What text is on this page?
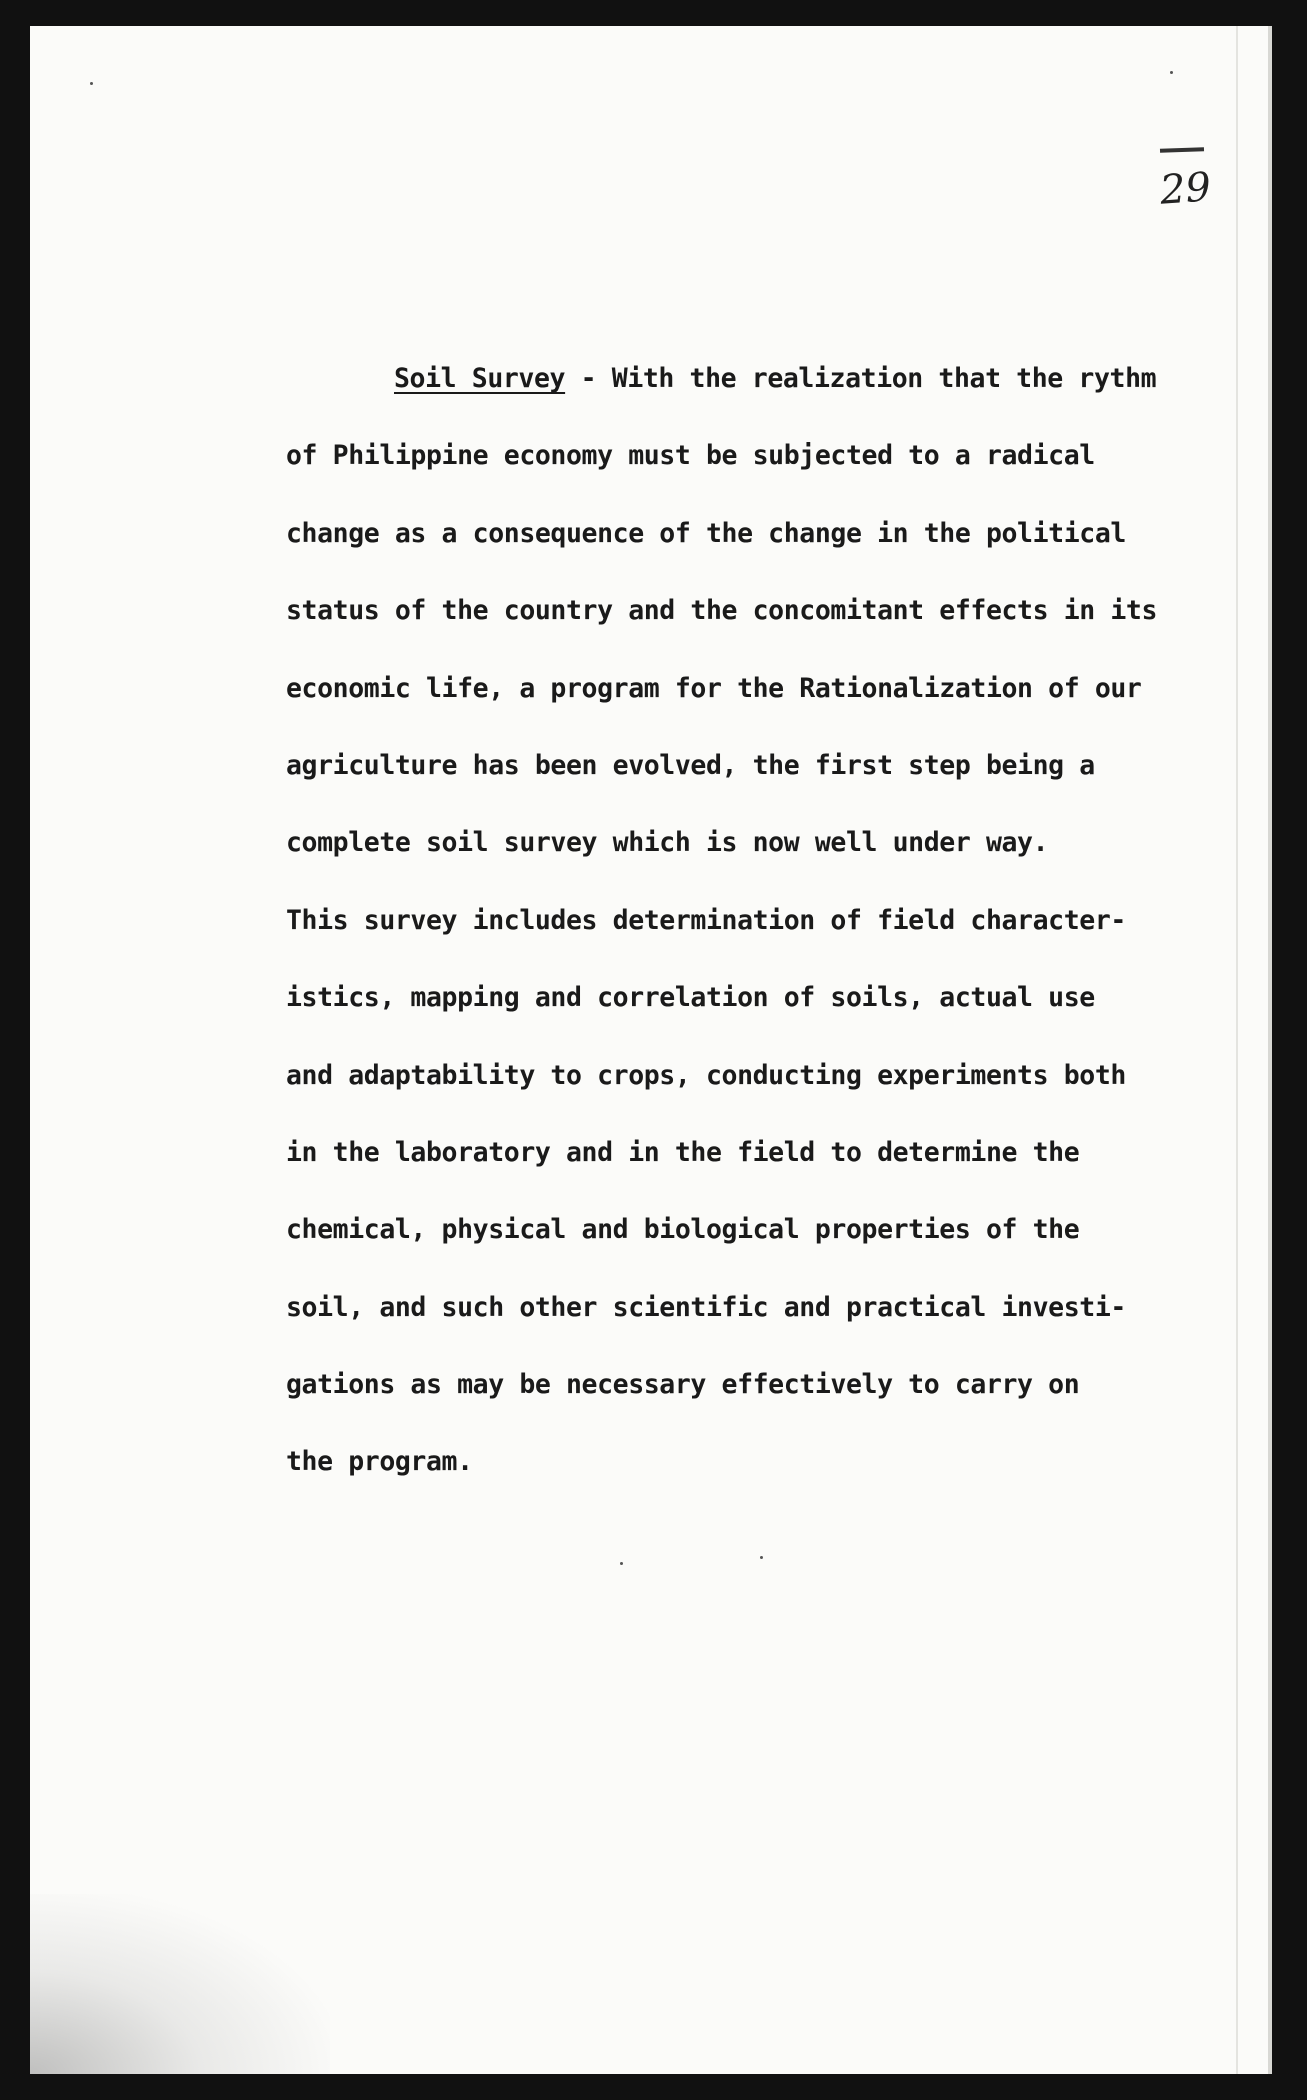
29
Soil Survey - With the realization that the rythm
of Philippine economy must be subjected to a radical
change as a consequence of the change in the political
status of the country and the concomitant effects in its
economic life, a program for the Rationalization of our
agriculture has been evolved, the first step being a
complete soil survey which is now well under way.
This survey includes determination of field character-
istics, mapping and correlation of soils, actual use
and adaptability to crops, conducting experiments both
in the laboratory and in the field to determine the
chemical, physical and biological properties of the
soil, and such other scientific and practical investi-
gations as may be necessary effectively to carry on
the program.
